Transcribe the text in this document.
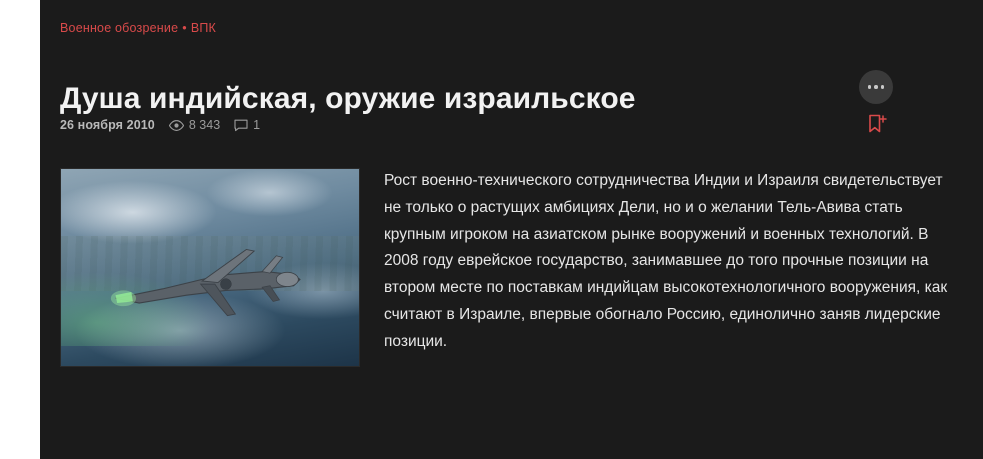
Военное обозрение • ВПК
Душа индийская, оружие израильское
26 ноября 2010	8 343	1
Рост военно-технического сотрудничества Индии и Израиля свидетельствует не только о растущих амбициях Дели, но и о желании Тель-Авива стать крупным игроком на азиатском рынке вооружений и военных технологий. В 2008 году еврейское государство, занимавшее до того прочные позиции на втором месте по поставкам индийцам высокотехнологичного вооружения, как считают в Израиле, впервые обогнало Россию, единолично заняв лидерские позиции.
